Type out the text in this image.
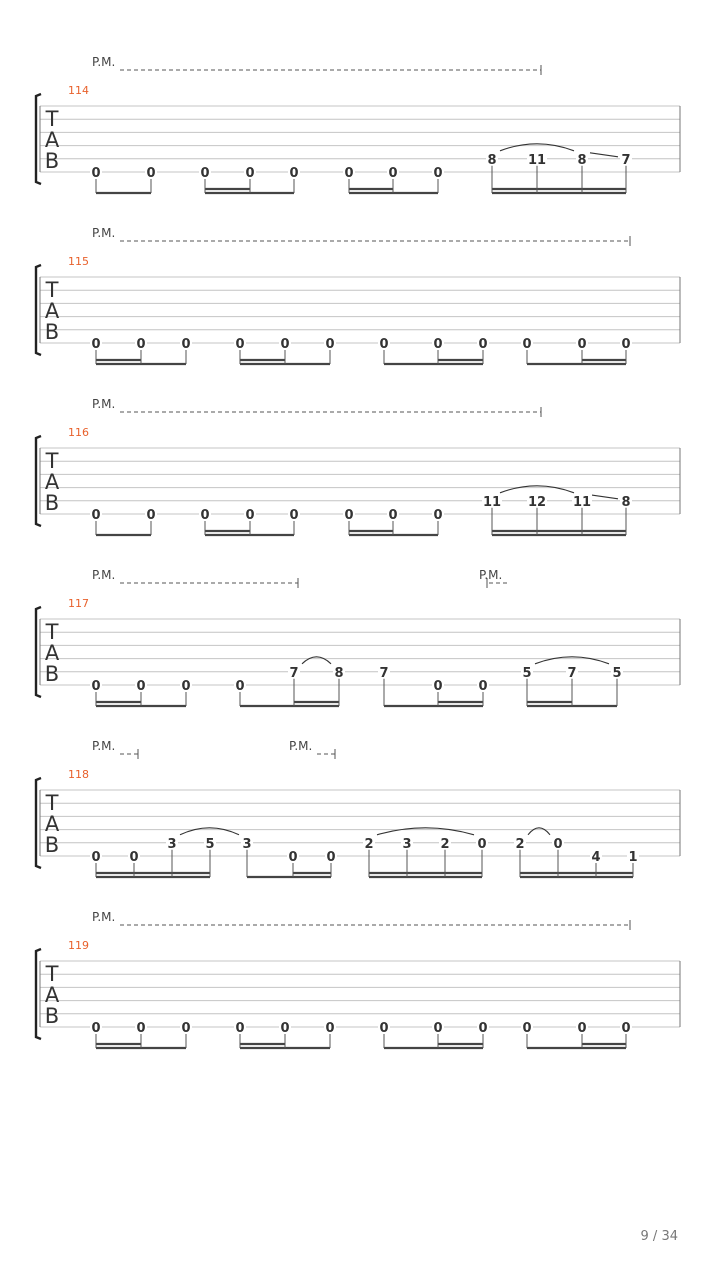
T
A
B
114
P.M.
0	0	0	0	0	0	0	0
8 11 8	7
T
A
B
115
P.M.
0	0	0	0	0	0	0	0	0	0	0	0
T
A
B
116
P.M.
0	0	0	0	0	0	0	0
11 12 11 8
T
A
B
117
P.M.	P.M.
0	0	0	0
7	8	7
0	0
5	7	5
T
A
B
118
P.M.	P.M.
0 0
3 5 3
0 0
2 3 2 0 2 0
4 1
T
A
B
119
P.M.
0	0	0	0	0	0	0	0	0	0	0	0
9 / 34
